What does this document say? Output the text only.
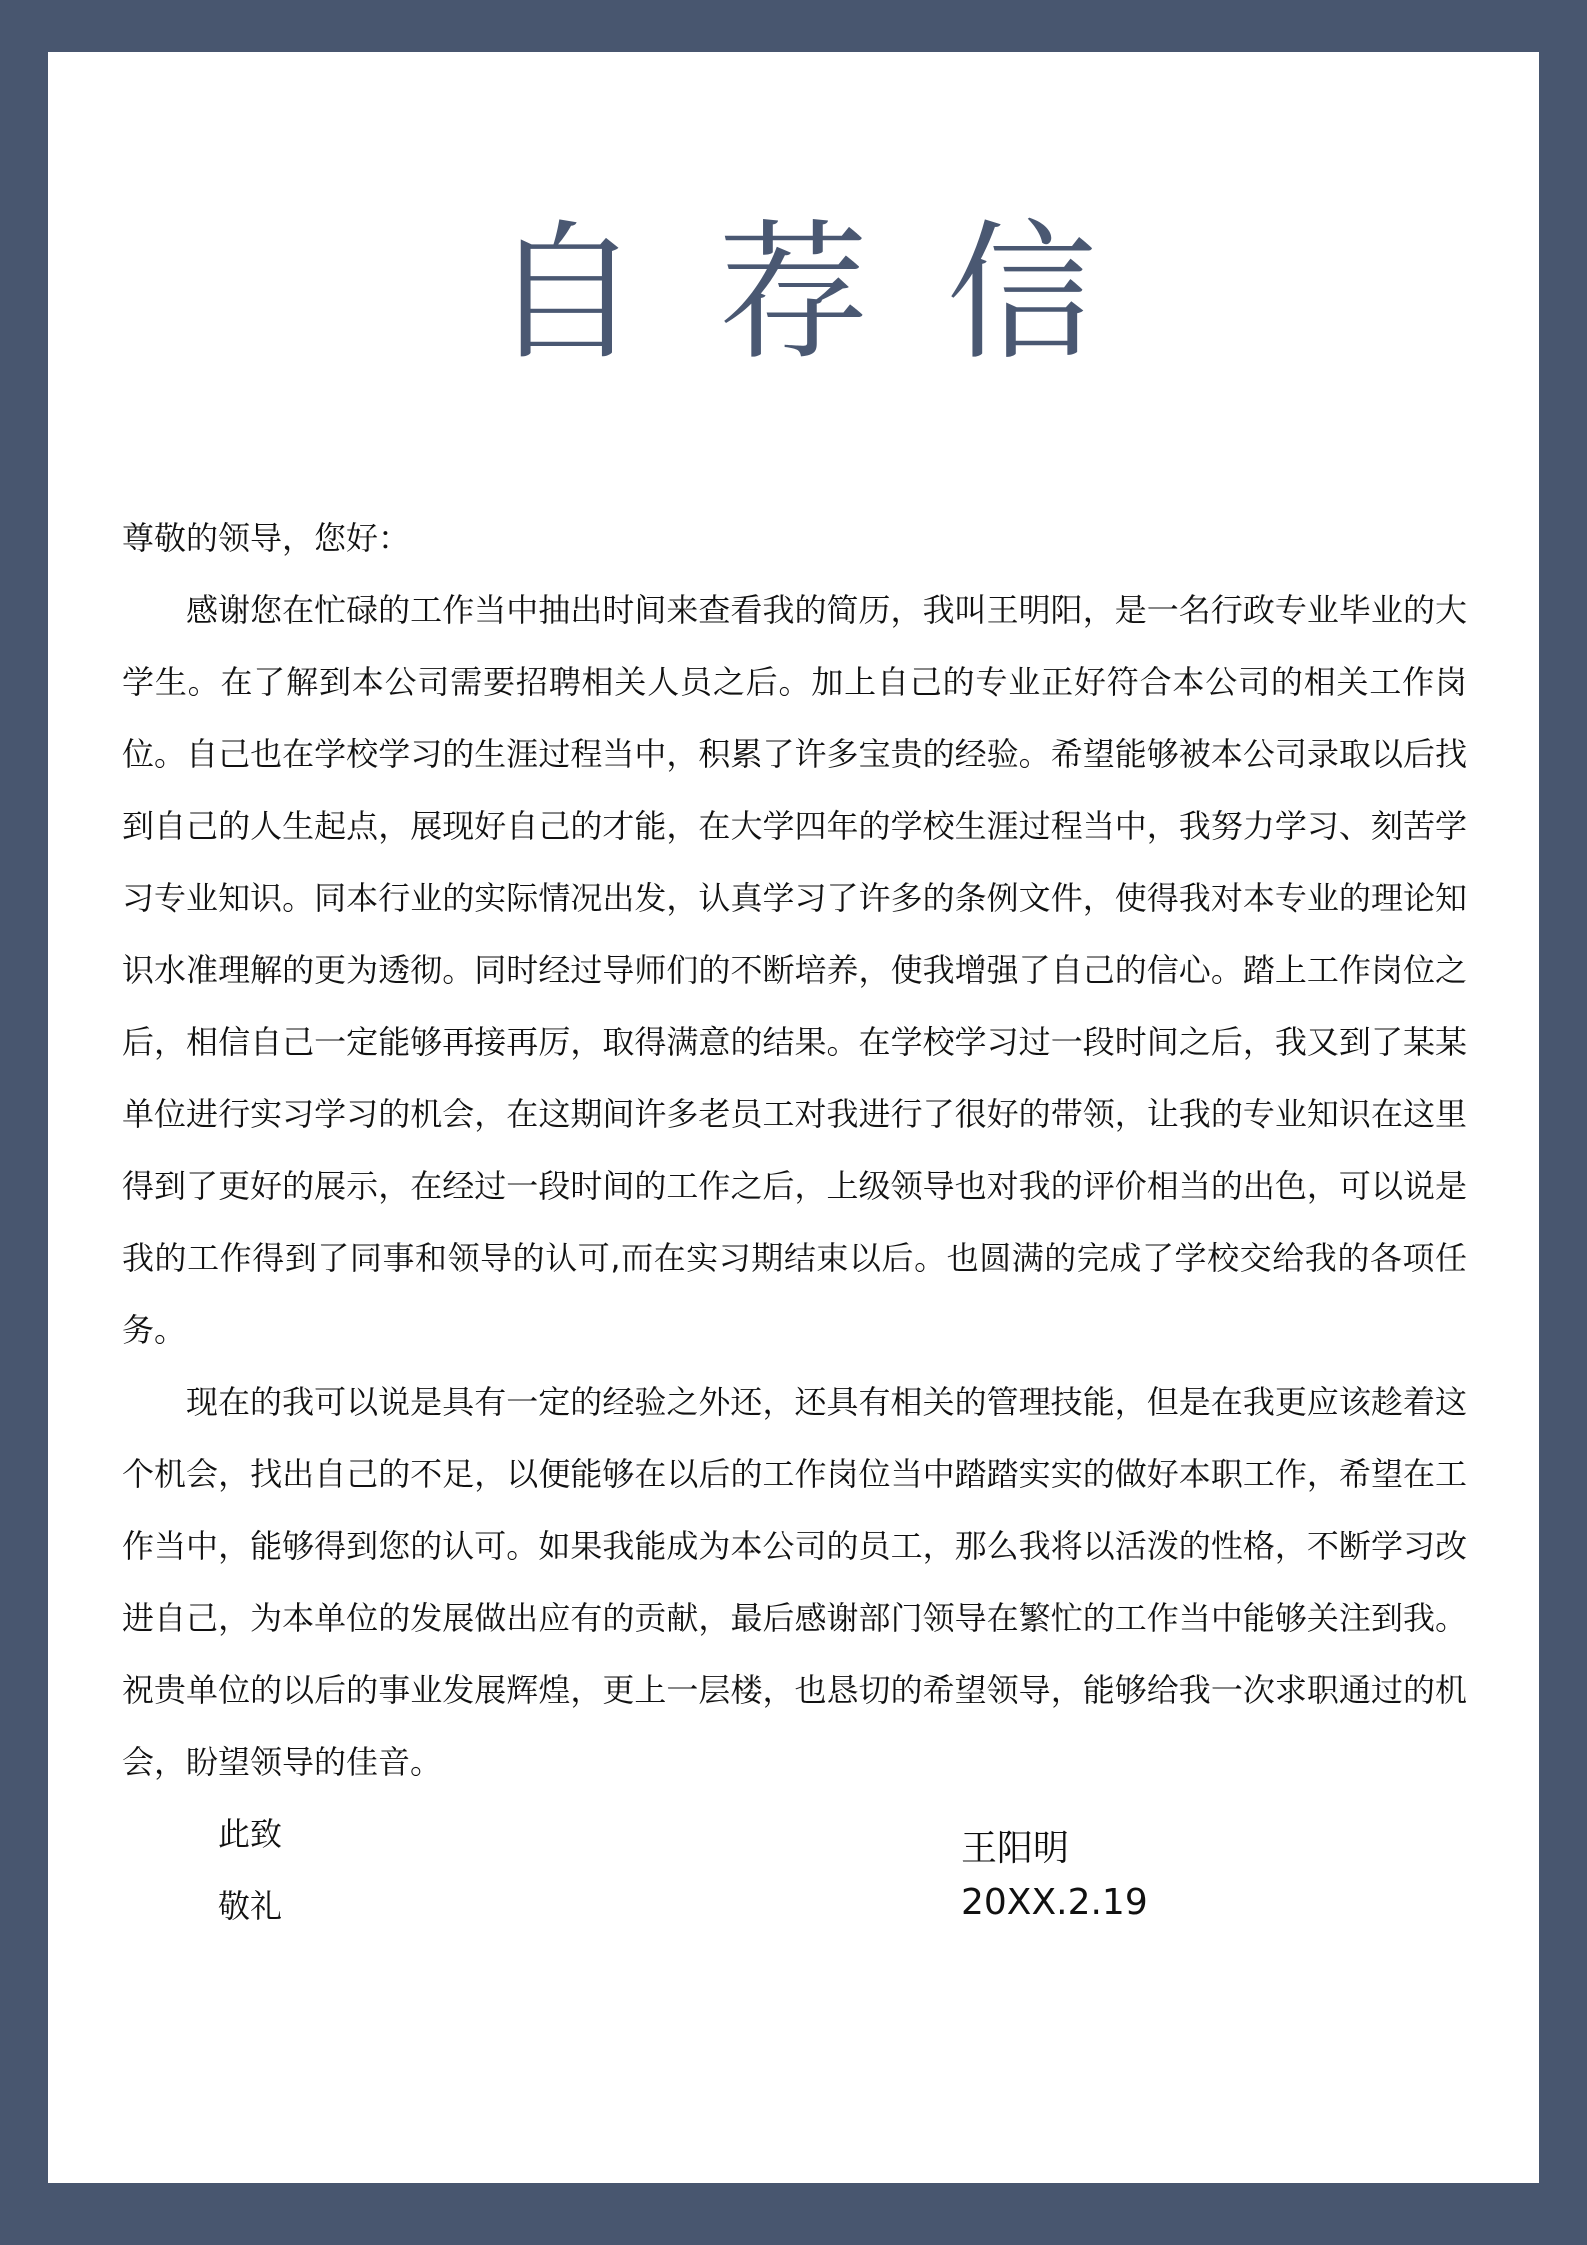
自荐信

尊敬的领导，您好：

感谢您在忙碌的工作当中抽出时间来查看我的简历，我叫王明阳，是一名行政专业毕业的大学生。在了解到本公司需要招聘相关人员之后。加上自己的专业正好符合本公司的相关工作岗位。自己也在学校学习的生涯过程当中，积累了许多宝贵的经验。希望能够被本公司录取以后找到自己的人生起点，展现好自己的才能，在大学四年的学校生涯过程当中，我努力学习、刻苦学习专业知识。同本行业的实际情况出发，认真学习了许多的条例文件，使得我对本专业的理论知识水准理解的更为透彻。同时经过导师们的不断培养，使我增强了自己的信心。踏上工作岗位之后，相信自己一定能够再接再厉，取得满意的结果。在学校学习过一段时间之后，我又到了某某单位进行实习学习的机会，在这期间许多老员工对我进行了很好的带领，让我的专业知识在这里得到了更好的展示，在经过一段时间的工作之后，上级领导也对我的评价相当的出色，可以说是我的工作得到了同事和领导的认可,而在实习期结束以后。也圆满的完成了学校交给我的各项任务。

现在的我可以说是具有一定的经验之外还，还具有相关的管理技能，但是在我更应该趁着这个机会，找出自己的不足，以便能够在以后的工作岗位当中踏踏实实的做好本职工作，希望在工作当中，能够得到您的认可。如果我能成为本公司的员工，那么我将以活泼的性格，不断学习改进自己，为本单位的发展做出应有的贡献，最后感谢部门领导在繁忙的工作当中能够关注到我。祝贵单位的以后的事业发展辉煌，更上一层楼，也恳切的希望领导，能够给我一次求职通过的机会，盼望领导的佳音。

此致

敬礼

王阳明
20XX.2.19
